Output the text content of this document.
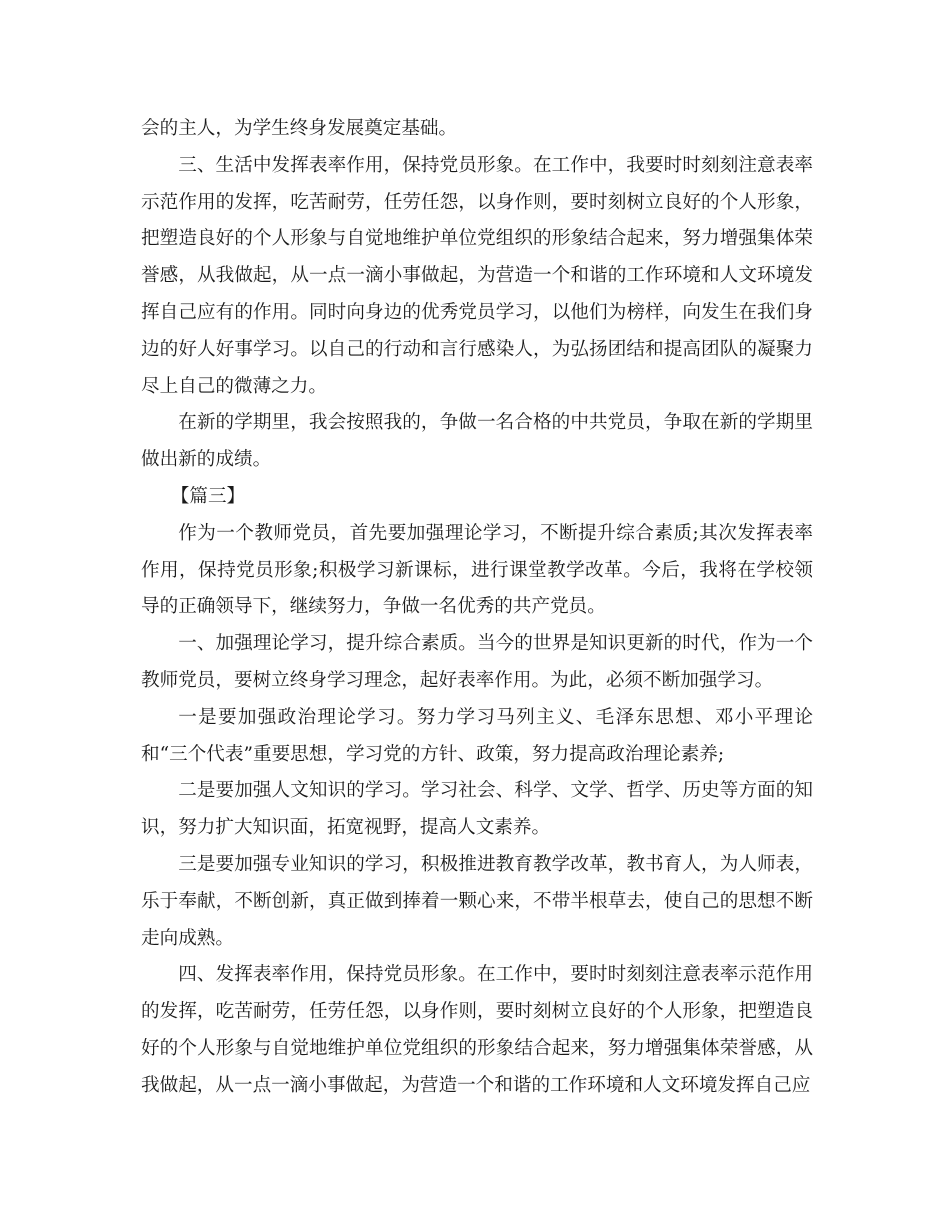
会的主人，为学生终身发展奠定基础。

三、生活中发挥表率作用，保持党员形象。在工作中，我要时时刻刻注意表率示范作用的发挥，吃苦耐劳，任劳任怨，以身作则，要时刻树立良好的个人形象，把塑造良好的个人形象与自觉地维护单位党组织的形象结合起来，努力增强集体荣誉感，从我做起，从一点一滴小事做起，为营造一个和谐的工作环境和人文环境发挥自己应有的作用。同时向身边的优秀党员学习，以他们为榜样，向发生在我们身边的好人好事学习。以自己的行动和言行感染人，为弘扬团结和提高团队的凝聚力尽上自己的微薄之力。

在新的学期里，我会按照我的，争做一名合格的中共党员，争取在新的学期里做出新的成绩。

【篇三】

作为一个教师党员，首先要加强理论学习，不断提升综合素质;其次发挥表率作用，保持党员形象;积极学习新课标，进行课堂教学改革。今后，我将在学校领导的正确领导下，继续努力，争做一名优秀的共产党员。

一、加强理论学习，提升综合素质。当今的世界是知识更新的时代，作为一个教师党员，要树立终身学习理念，起好表率作用。为此，必须不断加强学习。

一是要加强政治理论学习。努力学习马列主义、毛泽东思想、邓小平理论和“三个代表”重要思想，学习党的方针、政策，努力提高政治理论素养;

二是要加强人文知识的学习。学习社会、科学、文学、哲学、历史等方面的知识，努力扩大知识面，拓宽视野，提高人文素养。

三是要加强专业知识的学习，积极推进教育教学改革，教书育人，为人师表，乐于奉献，不断创新，真正做到捧着一颗心来，不带半根草去，使自己的思想不断走向成熟。

四、发挥表率作用，保持党员形象。在工作中，要时时刻刻注意表率示范作用的发挥，吃苦耐劳，任劳任怨，以身作则，要时刻树立良好的个人形象，把塑造良好的个人形象与自觉地维护单位党组织的形象结合起来，努力增强集体荣誉感，从我做起，从一点一滴小事做起，为营造一个和谐的工作环境和人文环境发挥自己应
